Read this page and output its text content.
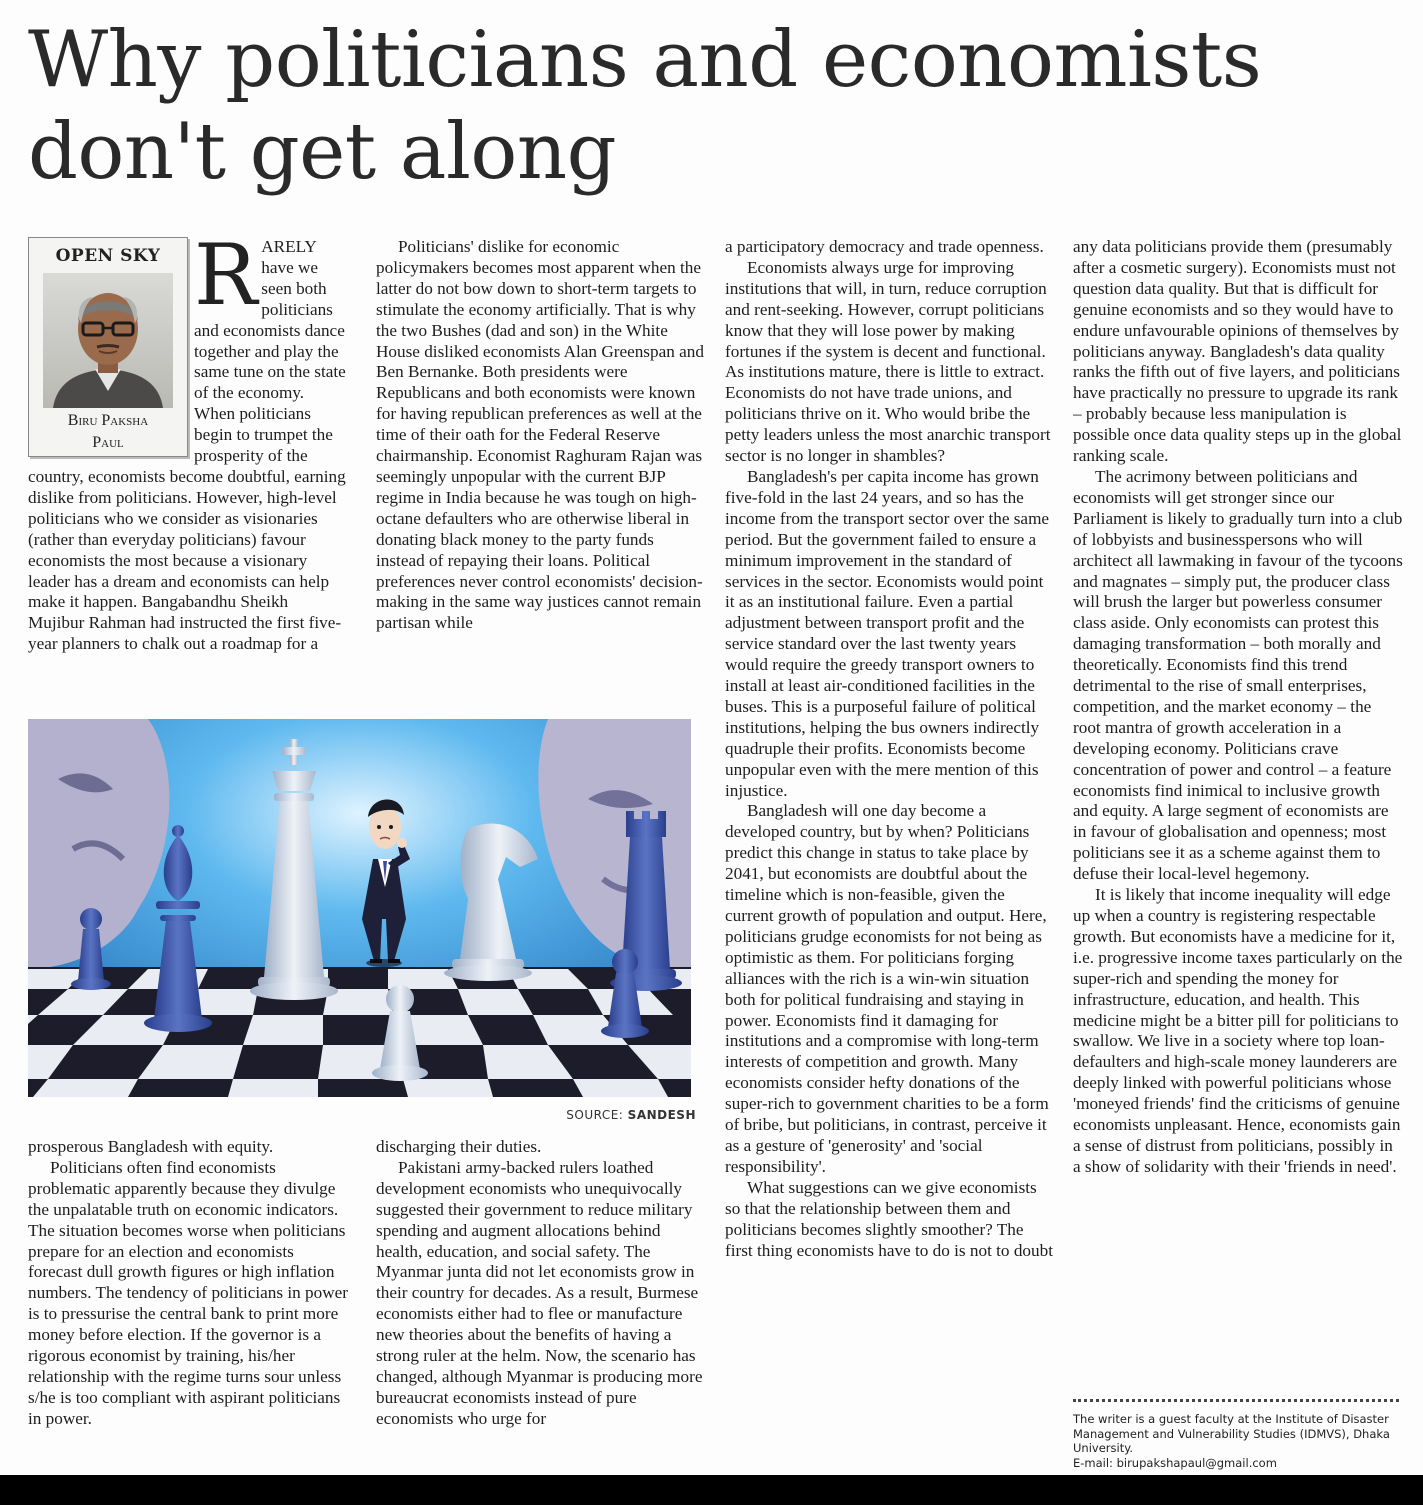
Why politicians and economists don't get along
OPEN SKY
Biru Paksha
Paul
R ARELY have we seen both politicians and economists dance together and play the same tune on the state of the economy. When politicians begin to trumpet the prosperity of the country, economists become doubtful, earning dislike from politicians. However, high-level politicians who we consider as visionaries (rather than everyday politicians) favour economists the most because a visionary leader has a dream and economists can help make it happen. Bangabandhu Sheikh Mujibur Rahman had instructed the first five-year planners to chalk out a roadmap for a

Politicians' dislike for economic policymakers becomes most apparent when the latter do not bow down to short-term targets to stimulate the economy artificially. That is why the two Bushes (dad and son) in the White House disliked economists Alan Greenspan and Ben Bernanke. Both presidents were Republicans and both economists were known for having republican preferences as well at the time of their oath for the Federal Reserve chairmanship. Economist Raghuram Rajan was seemingly unpopular with the current BJP regime in India because he was tough on high-octane defaulters who are otherwise liberal in donating black money to the party funds instead of repaying their loans. Political preferences never control economists' decision-making in the same way justices cannot remain partisan while

a participatory democracy and trade openness.

Economists always urge for improving institutions that will, in turn, reduce corruption and rent-seeking. However, corrupt politicians know that they will lose power by making fortunes if the system is decent and functional. As institutions mature, there is little to extract. Economists do not have trade unions, and politicians thrive on it. Who would bribe the petty leaders unless the most anarchic transport sector is no longer in shambles?

Bangladesh's per capita income has grown five-fold in the last 24 years, and so has the income from the transport sector over the same period. But the government failed to ensure a minimum improvement in the standard of services in the sector. Economists would point it as an institutional failure. Even a partial adjustment between transport profit and the service standard over the last twenty years would require the greedy transport owners to install at least air-conditioned facilities in the buses. This is a purposeful failure of political institutions, helping the bus owners indirectly quadruple their profits. Economists become unpopular even with the mere mention of this injustice.

Bangladesh will one day become a developed country, but by when? Politicians predict this change in status to take place by 2041, but economists are doubtful about the timeline which is non-feasible, given the current growth of population and output. Here, politicians grudge economists for not being as optimistic as them. For politicians forging alliances with the rich is a win-win situation both for political fundraising and staying in power. Economists find it damaging for institutions and a compromise with long-term interests of competition and growth. Many economists consider hefty donations of the super-rich to government charities to be a form of bribe, but politicians, in contrast, perceive it as a gesture of 'generosity' and 'social responsibility'.

What suggestions can we give economists so that the relationship between them and politicians becomes slightly smoother? The first thing economists have to do is not to doubt

any data politicians provide them (presumably after a cosmetic surgery). Economists must not question data quality. But that is difficult for genuine economists and so they would have to endure unfavourable opinions of themselves by politicians anyway. Bangladesh's data quality ranks the fifth out of five layers, and politicians have practically no pressure to upgrade its rank – probably because less manipulation is possible once data quality steps up in the global ranking scale.

The acrimony between politicians and economists will get stronger since our Parliament is likely to gradually turn into a club of lobbyists and businesspersons who will architect all lawmaking in favour of the tycoons and magnates – simply put, the producer class will brush the larger but powerless consumer class aside. Only economists can protest this damaging transformation – both morally and theoretically. Economists find this trend detrimental to the rise of small enterprises, competition, and the market economy – the root mantra of growth acceleration in a developing economy. Politicians crave concentration of power and control – a feature economists find inimical to inclusive growth and equity. A large segment of economists are in favour of globalisation and openness; most politicians see it as a scheme against them to defuse their local-level hegemony.

It is likely that income inequality will edge up when a country is registering respectable growth. But economists have a medicine for it, i.e. progressive income taxes particularly on the super-rich and spending the money for infrastructure, education, and health. This medicine might be a bitter pill for politicians to swallow. We live in a society where top loan-defaulters and high-scale money launderers are deeply linked with powerful politicians whose 'moneyed friends' find the criticisms of genuine economists unpleasant. Hence, economists gain a sense of distrust from politicians, possibly in a show of solidarity with their 'friends in need'.

SOURCE: SANDESH

prosperous Bangladesh with equity.

Politicians often find economists problematic apparently because they divulge the unpalatable truth on economic indicators. The situation becomes worse when politicians prepare for an election and economists forecast dull growth figures or high inflation numbers. The tendency of politicians in power is to pressurise the central bank to print more money before election. If the governor is a rigorous economist by training, his/her relationship with the regime turns sour unless s/he is too compliant with aspirant politicians in power.

discharging their duties.

Pakistani army-backed rulers loathed development economists who unequivocally suggested their government to reduce military spending and augment allocations behind health, education, and social safety. The Myanmar junta did not let economists grow in their country for decades. As a result, Burmese economists either had to flee or manufacture new theories about the benefits of having a strong ruler at the helm. Now, the scenario has changed, although Myanmar is producing more bureaucrat economists instead of pure economists who urge for	The writer is a guest faculty at the Institute of Disaster Management and Vulnerability Studies (IDMVS), Dhaka University.
E-mail: birupakshapaul@gmail.com
